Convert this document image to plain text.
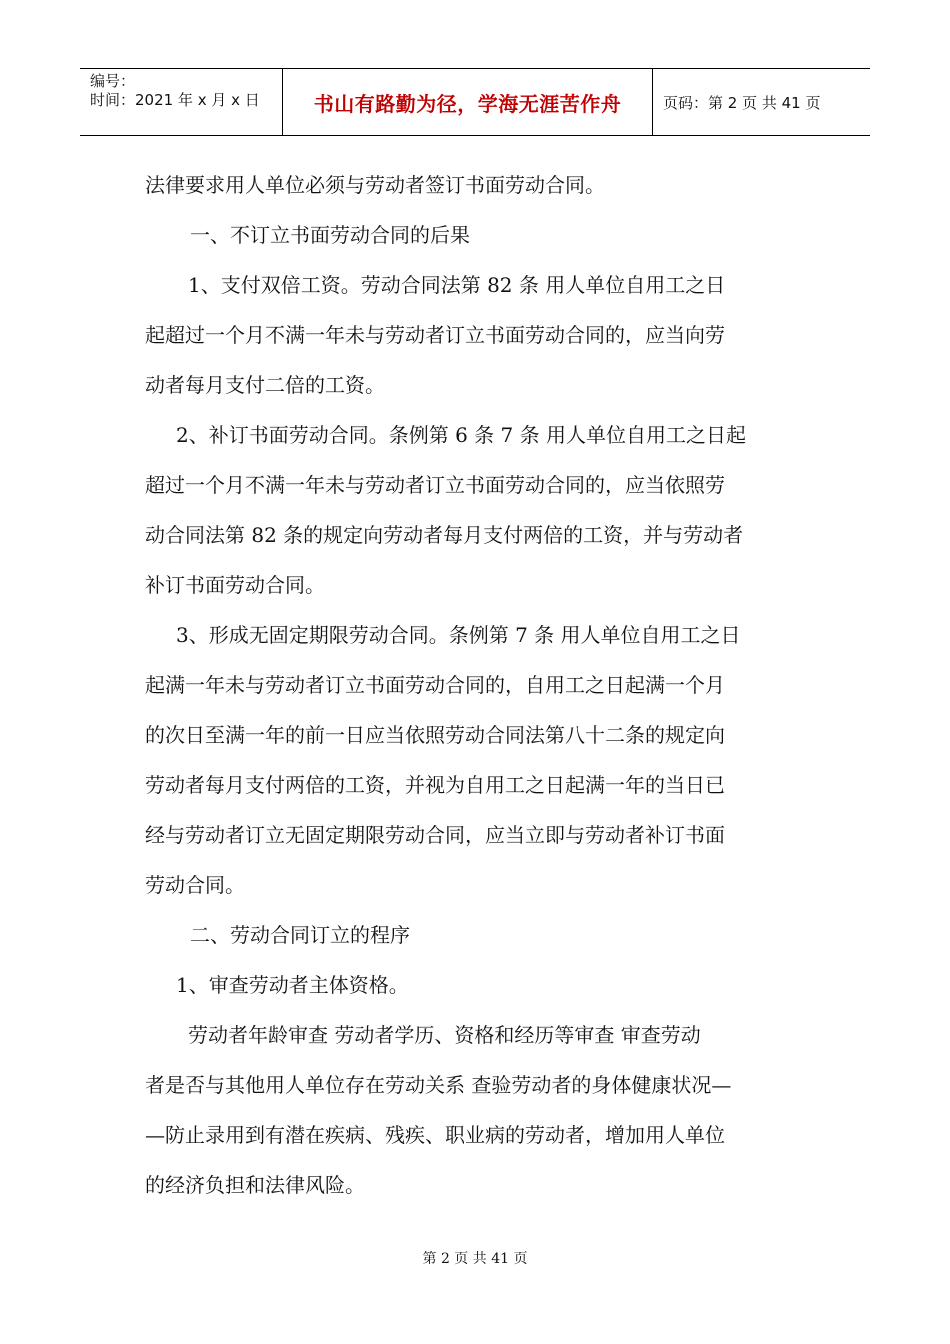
编号：
时间：2021 年 x 月 x 日	书山有路勤为径，学海无涯苦作舟	页码：第 2 页 共 41 页
法律要求用人单位必须与劳动者签订书面劳动合同。
一、不订立书面劳动合同的后果
1、支付双倍工资。劳动合同法第 82 条 用人单位自用工之日
起超过一个月不满一年未与劳动者订立书面劳动合同的，应当向劳
动者每月支付二倍的工资。
2、补订书面劳动合同。条例第 6 条 7 条 用人单位自用工之日起
超过一个月不满一年未与劳动者订立书面劳动合同的，应当依照劳
动合同法第 82 条的规定向劳动者每月支付两倍的工资，并与劳动者
补订书面劳动合同。
3、形成无固定期限劳动合同。条例第 7 条 用人单位自用工之日
起满一年未与劳动者订立书面劳动合同的，自用工之日起满一个月
的次日至满一年的前一日应当依照劳动合同法第八十二条的规定向
劳动者每月支付两倍的工资，并视为自用工之日起满一年的当日已
经与劳动者订立无固定期限劳动合同，应当立即与劳动者补订书面
劳动合同。
二、劳动合同订立的程序
1、审查劳动者主体资格。
劳动者年龄审查 劳动者学历、资格和经历等审查 审查劳动
者是否与其他用人单位存在劳动关系 查验劳动者的身体健康状况—
—防止录用到有潜在疾病、残疾、职业病的劳动者，增加用人单位
的经济负担和法律风险。
第 2 页 共 41 页
